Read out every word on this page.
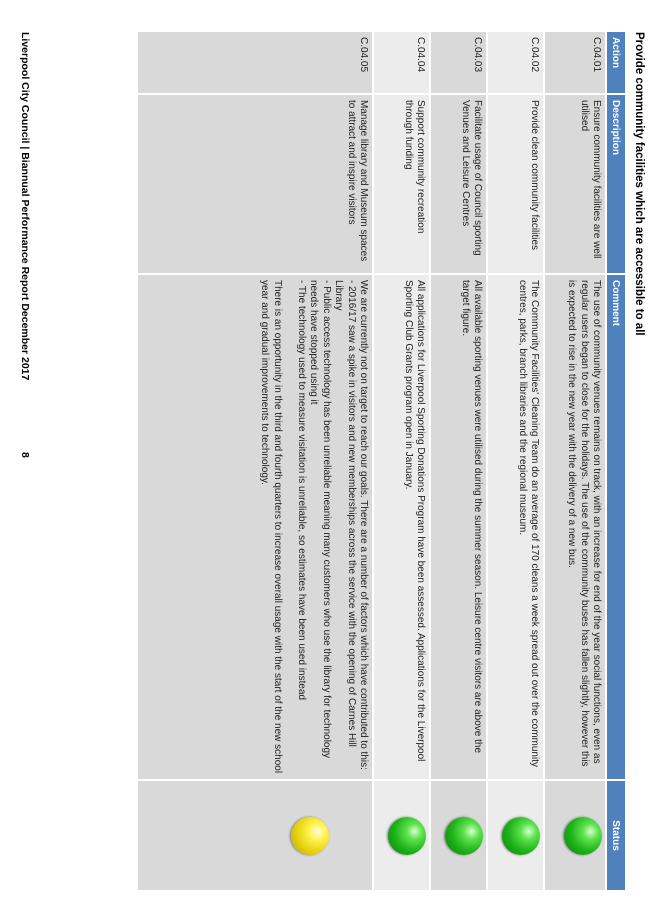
Provide community facilities which are accessible to all
Action	Description	Comment	Status
C.04.01	Ensure community facilities are well utilised	The use of community venues remains on track, with an increase for end of the year social functions, even as regular users began to close for the holidays. The use of the community buses has fallen slightly, however this is expected to rise in the new year with the delivery of a new bus.	

C.04.02	Provide clean community facilities	The Community Facilities' Cleaning Team do an average of 170 cleans a week spread out over the community centres, parks, branch libraries and the regional museum.	

C.04.03	Facilitate usage of Council sporting Venues and Leisure Centres	All available sporting venues were utilised during the summer season. Leisure centre visitors are above the target figure.	

C.04.04	Support community recreation through funding	All applications for Liverpool Sporting Donations Program have been assessed. Applications for the Liverpool Sporting Club Grants program open in January.	

C.04.05	Manage library and Museum spaces to attract and inspire visitors	We are currently not on target to reach our goals. There are a number of factors which have contributed to this:
- 2016/17 saw a spike in visitors and new memberships across the service with the opening of Carnes Hill Library
- Public access technology has been unreliable meaning many customers who use the library for technology needs have stopped using it
- The technology used to measure visitation is unreliable, so estimates have been used instead
There is an opportunity in the third and fourth quarters to increase overall usage with the start of the new school year and gradual improvements to technology.	

Liverpool City Council | Biannual Performance Report December 2017
8
